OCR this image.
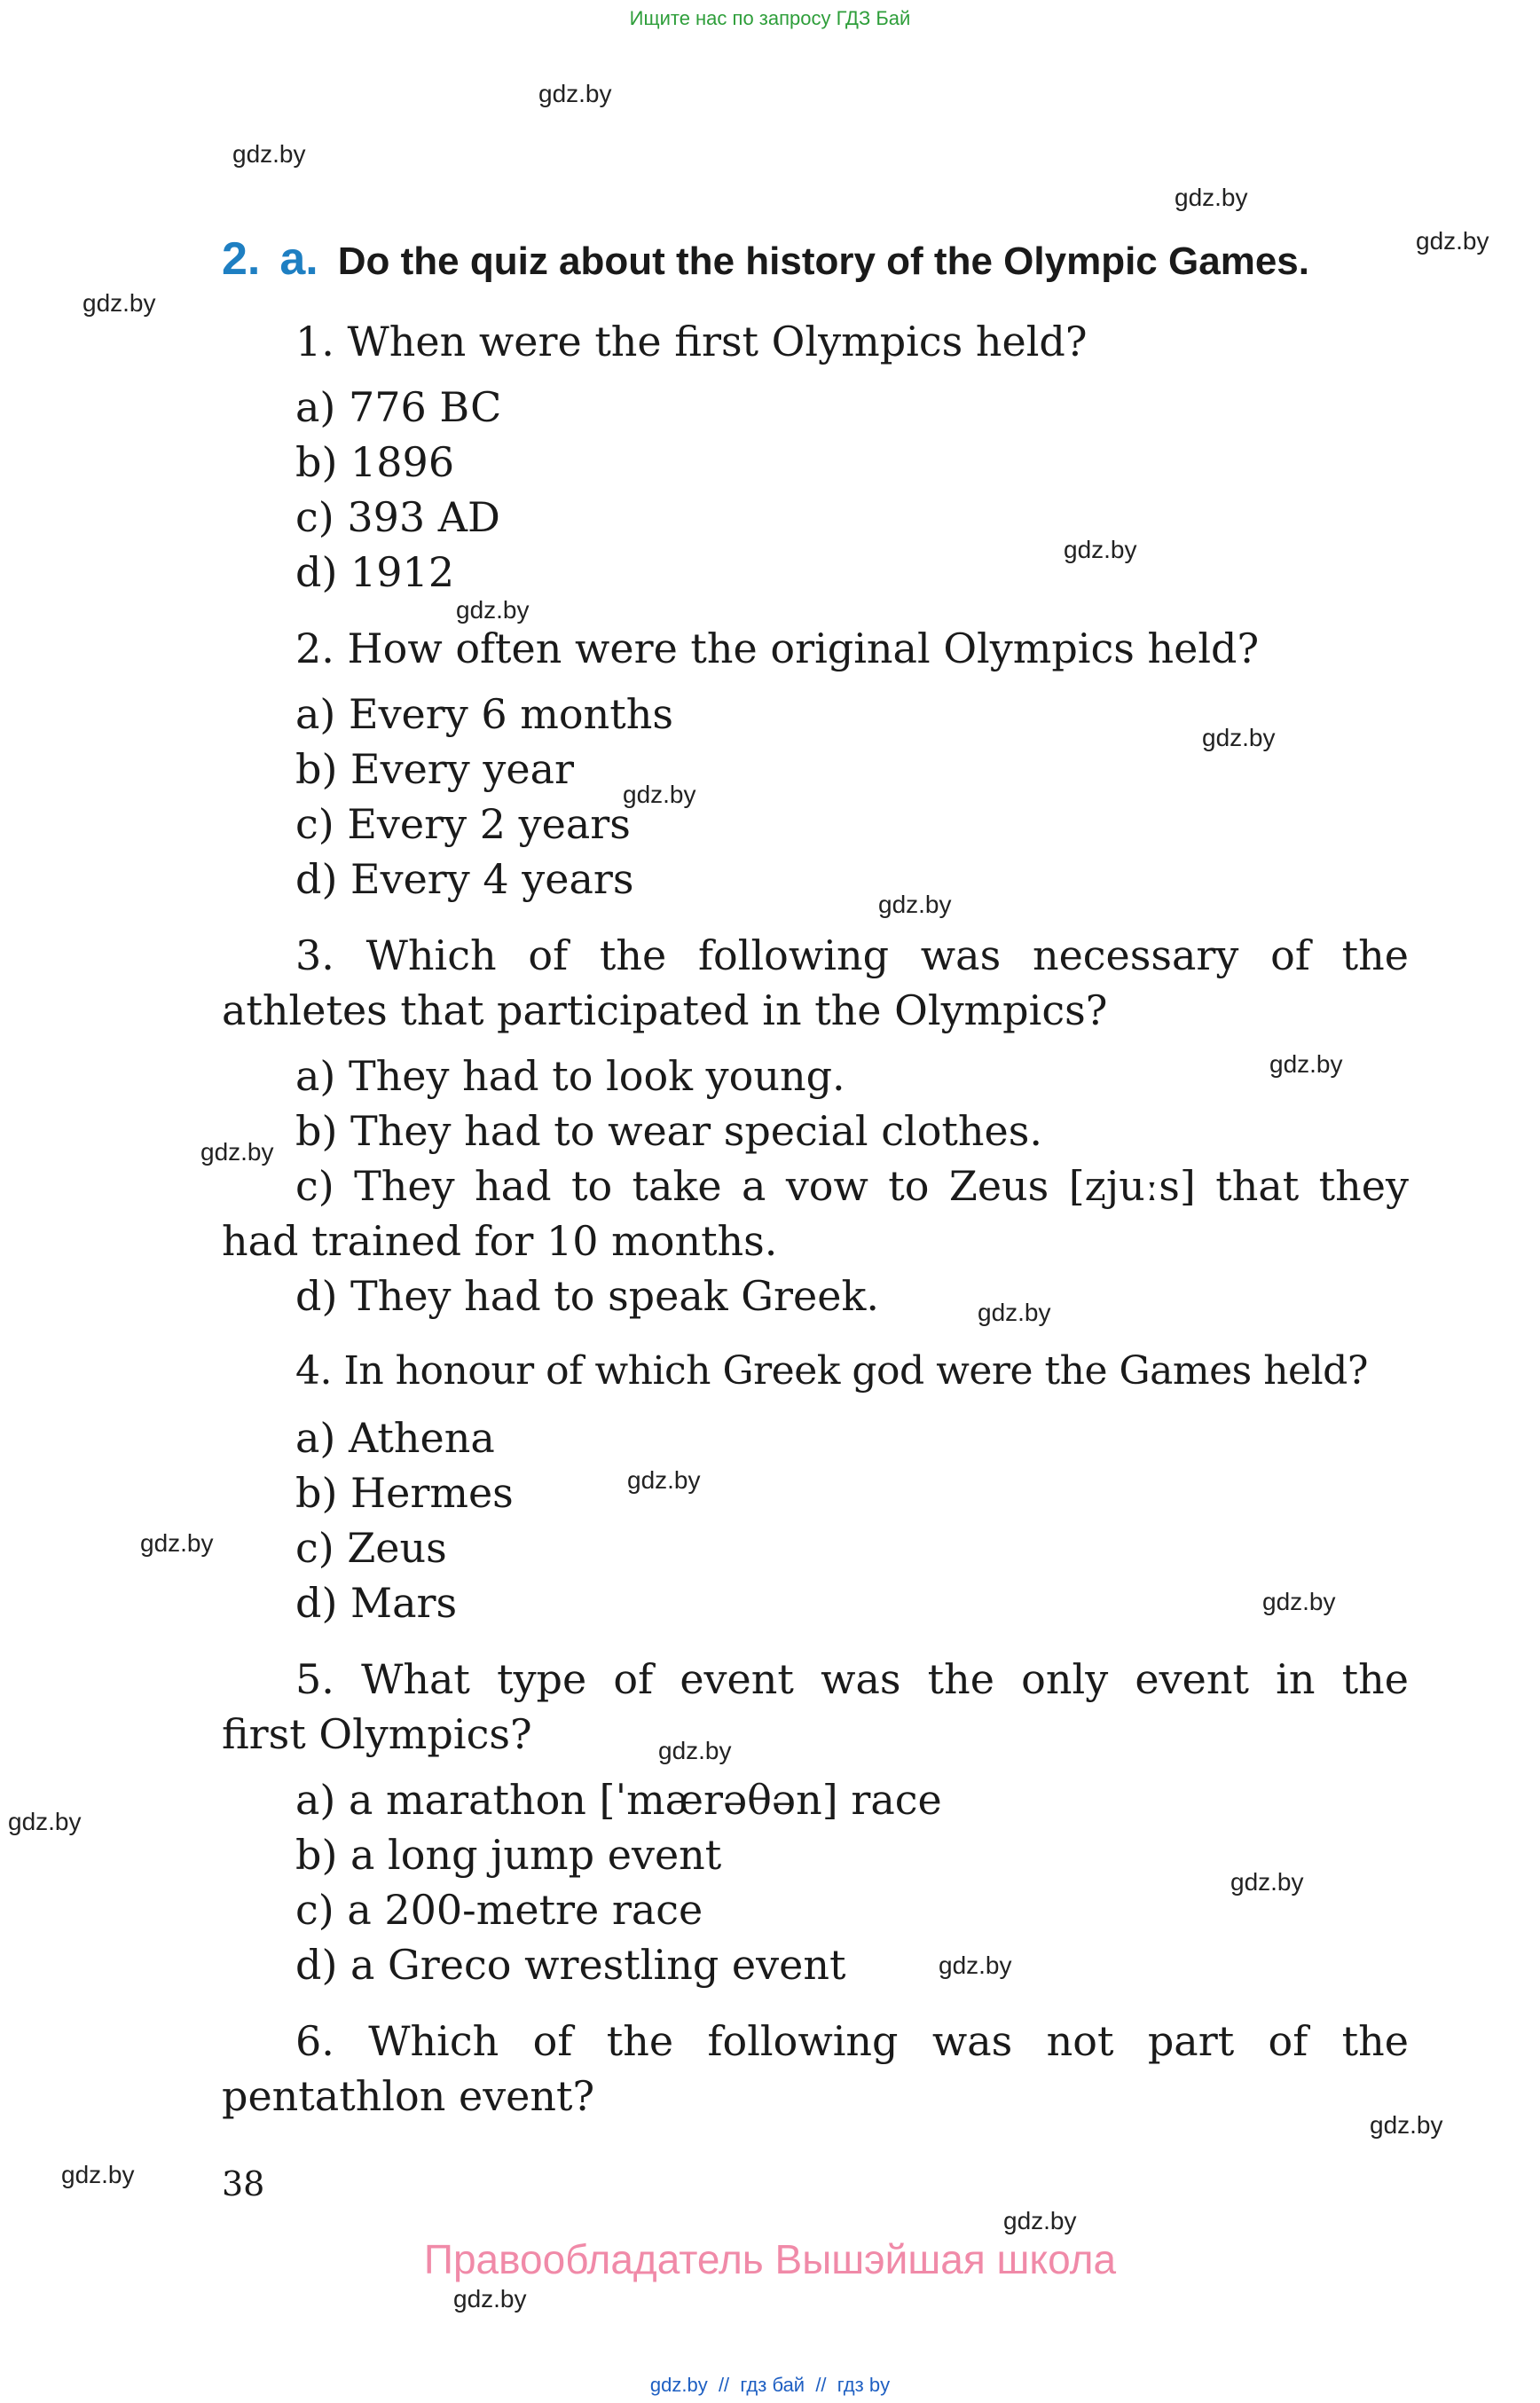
Ищите нас по запросу ГДЗ Бай
gdz.by
gdz.by
gdz.by
gdz.by
gdz.by
gdz.by
gdz.by
gdz.by
gdz.by
gdz.by
gdz.by
gdz.by
gdz.by
gdz.by
gdz.by
gdz.by
gdz.by
gdz.by
gdz.by
gdz.by
gdz.by
gdz.by
gdz.by
gdz.by
2. a. Do the quiz about the history of the Olympic Games.
1. When were the first Olympics held?
a) 776 BC
b) 1896
c) 393 AD
d) 1912
2. How often were the original Olympics held?
a) Every 6 months
b) Every year
c) Every 2 years
d) Every 4 years
3. Which of the following was necessary of the
athletes that participated in the Olympics?
a) They had to look young.
b) They had to wear special clothes.
c) They had to take a vow to Zeus [zjuːs] that they
had trained for 10 months.
d) They had to speak Greek.
4. In honour of which Greek god were the Games held?
a) Athena
b) Hermes
c) Zeus
d) Mars
5. What type of event was the only event in the
first Olympics?
a) a marathon [ˈmærəθən] race
b) a long jump event
c) a 200-metre race
d) a Greco wrestling event
6. Which of the following was not part of the
pentathlon event?
38
Правообладатель Вышэйшая школа
gdz.by  //  гдз бай  //  гдз by
